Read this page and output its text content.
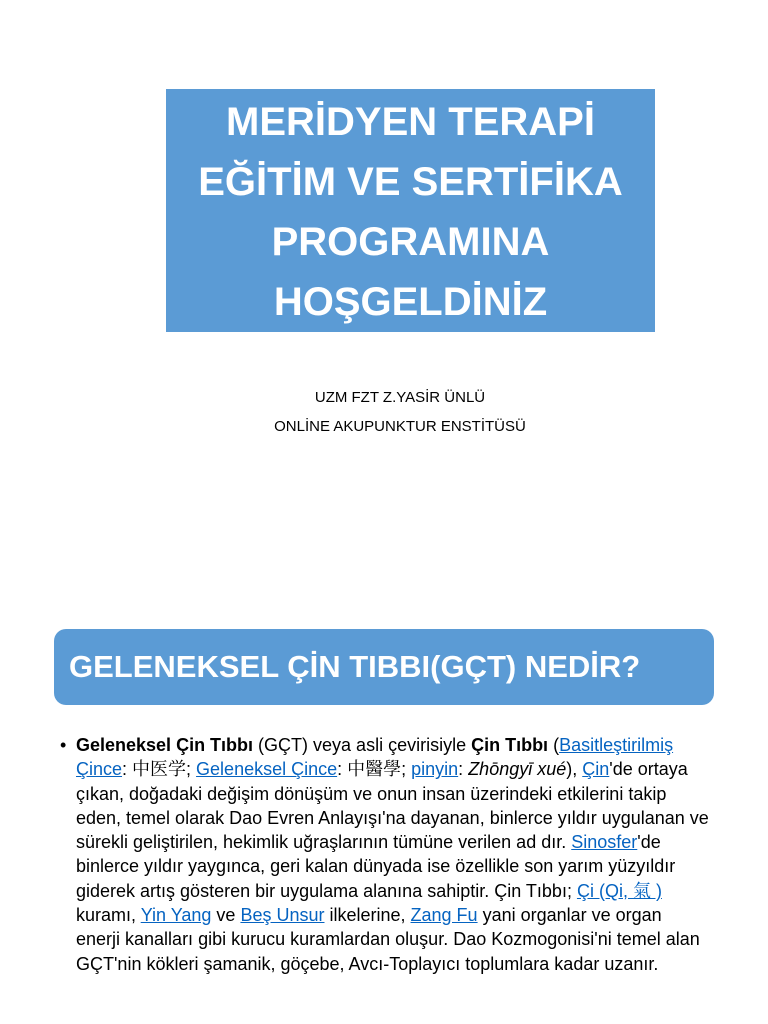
MERİDYEN TERAPİ
EĞİTİM VE SERTİFİKA
PROGRAMINA
HOŞGELDİNİZ
UZM FZT Z.YASİR ÜNLÜ
ONLİNE AKUPUNKTUR ENSTİTÜSÜ
GELENEKSEL ÇİN TIBBI(GÇT) NEDİR?
• Geleneksel Çin Tıbbı (GÇT) veya asli çevirisiyle Çin Tıbbı (Basitleştirilmiş Çince: 中医学; Geleneksel Çince: 中醫學; pinyin: Zhōngyī xué), Çin'de ortaya çıkan, doğadaki değişim dönüşüm ve onun insan üzerindeki etkilerini takip eden, temel olarak Dao Evren Anlayışı'na dayanan, binlerce yıldır uygulanan ve sürekli geliştirilen, hekimlik uğraşlarının tümüne verilen ad dır. Sinosfer'de binlerce yıldır yaygınca, geri kalan dünyada ise özellikle son yarım yüzyıldır giderek artış gösteren bir uygulama alanına sahiptir. Çin Tıbbı; Çi (Qi, 氣 ) kuramı, Yin Yang ve Beş Unsur ilkelerine, Zang Fu yani organlar ve organ enerji kanalları gibi kurucu kuramlardan oluşur. Dao Kozmogonisi'ni temel alan GÇT'nin kökleri şamanik, göçebe, Avcı-Toplayıcı toplumlara kadar uzanır.
